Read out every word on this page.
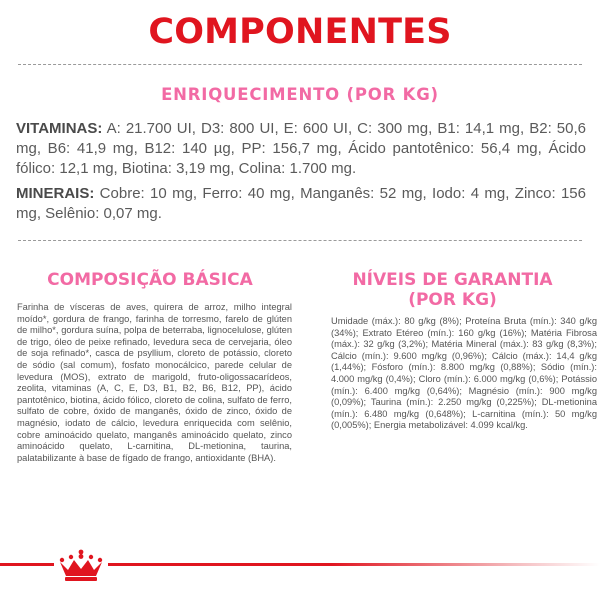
COMPONENTES
ENRIQUECIMENTO (POR KG)
VITAMINAS: A: 21.700 UI, D3: 800 UI, E: 600 UI, C: 300 mg, B1: 14,1 mg, B2: 50,6 mg, B6: 41,9 mg, B12: 140 µg, PP: 156,7 mg, Ácido pantotênico: 56,4 mg, Ácido fólico: 12,1 mg, Biotina: 3,19 mg, Colina: 1.700 mg.
MINERAIS: Cobre: 10 mg, Ferro: 40 mg, Manganês: 52 mg, Iodo: 4 mg, Zinco: 156 mg, Selênio: 0,07 mg.
COMPOSIÇÃO BÁSICA	NÍVEIS DE GARANTIA
(POR KG)
Farinha de vísceras de aves, quirera de arroz, milho integral moído*, gordura de frango, farinha de torresmo, farelo de glúten de milho*, gordura suína, polpa de beterraba, lignocelulose, glúten de trigo, óleo de peixe refinado, levedura seca de cervejaria, óleo de soja refinado*, casca de psyllium, cloreto de potássio, cloreto de sódio (sal comum), fosfato monocálcico, parede celular de levedura (MOS), extrato de marigold, fruto-oligossacarídeos, zeolita, vitaminas (A, C, E, D3, B1, B2, B6, B12, PP), ácido pantotênico, biotina, ácido fólico, cloreto de colina, sulfato de ferro, sulfato de cobre, óxido de manganês, óxido de zinco, óxido de magnésio, iodato de cálcio, levedura enriquecida com selênio, cobre aminoácido quelato, manganês aminoácido quelato, zinco aminoácido quelato, L-carnitina, DL-metionina, taurina, palatabilizante à base de fígado de frango, antioxidante (BHA).
Umidade (máx.): 80 g/kg (8%); Proteína Bruta (mín.): 340 g/kg (34%); Extrato Etéreo (mín.): 160 g/kg (16%); Matéria Fibrosa (máx.): 32 g/kg (3,2%); Matéria Mineral (máx.): 83 g/kg (8,3%); Cálcio (mín.): 9.600 mg/kg (0,96%); Cálcio (máx.): 14,4 g/kg (1,44%); Fósforo (mín.): 8.800 mg/kg (0,88%); Sódio (mín.): 4.000 mg/kg (0,4%); Cloro (mín.): 6.000 mg/kg (0,6%); Potássio (mín.): 6.400 mg/kg (0,64%); Magnésio (mín.): 900 mg/kg (0,09%); Taurina (mín.): 2.250 mg/kg (0,225%); DL-metionina (mín.): 6.480 mg/kg (0,648%); L-carnitina (mín.): 50 mg/kg (0,005%); Energia metabolizável: 4.099 kcal/kg.
